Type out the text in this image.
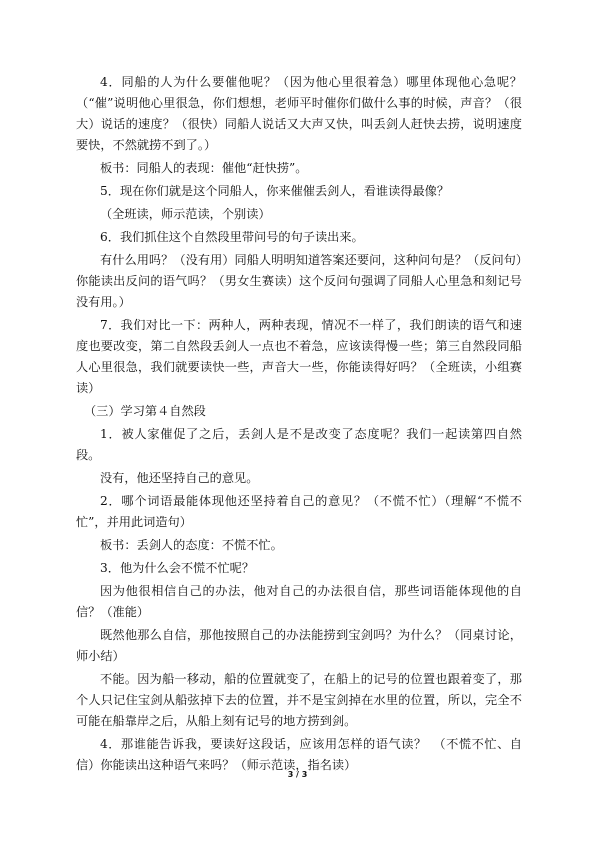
4．同船的人为什么要催他呢？（因为他心里很着急）哪里体现他心急呢？（“催”说明他心里很急，你们想想，老师平时催你们做什么事的时候，声音？（很大）说话的速度？（很快）同船人说话又大声又快，叫丢剑人赶快去捞，说明速度要快，不然就捞不到了。）

板书：同船人的表现：催他“赶快捞”。

5．现在你们就是这个同船人，你来催催丢剑人，看谁读得最像？

（全班读，师示范读，个别读）

6．我们抓住这个自然段里带问号的句子读出来。

有什么用吗？（没有用）同船人明明知道答案还要问，这种问句是？（反问句）你能读出反问的语气吗？（男女生赛读）这个反问句强调了同船人心里急和刻记号没有用。）

7．我们对比一下：两种人，两种表现，情况不一样了，我们朗读的语气和速度也要改变，第二自然段丢剑人一点也不着急，应该读得慢一些；第三自然段同船人心里很急，我们就要读快一些，声音大一些，你能读得好吗？（全班读，小组赛读）

（三）学习第４自然段

1．被人家催促了之后，丢剑人是不是改变了态度呢？我们一起读第四自然段。

没有，他还坚持自己的意见。

2．哪个词语最能体现他还坚持着自己的意见？（不慌不忙）（理解“不慌不忙”，并用此词造句）

板书：丢剑人的态度：不慌不忙。

3．他为什么会不慌不忙呢？

因为他很相信自己的办法，他对自己的办法很自信，那些词语能体现他的自信？（准能）

既然他那么自信，那他按照自己的办法能捞到宝剑吗？为什么？（同桌讨论，师小结）

不能。因为船一移动，船的位置就变了，在船上的记号的位置也跟着变了，那个人只记住宝剑从船弦掉下去的位置，并不是宝剑掉在水里的位置，所以，完全不可能在船靠岸之后，从船上刻有记号的地方捞到剑。

4．那谁能告诉我，要读好这段话，应该用怎样的语气读？　（不慌不忙、自信）你能读出这种语气来吗？（师示范读，指名读）

3 / 3
